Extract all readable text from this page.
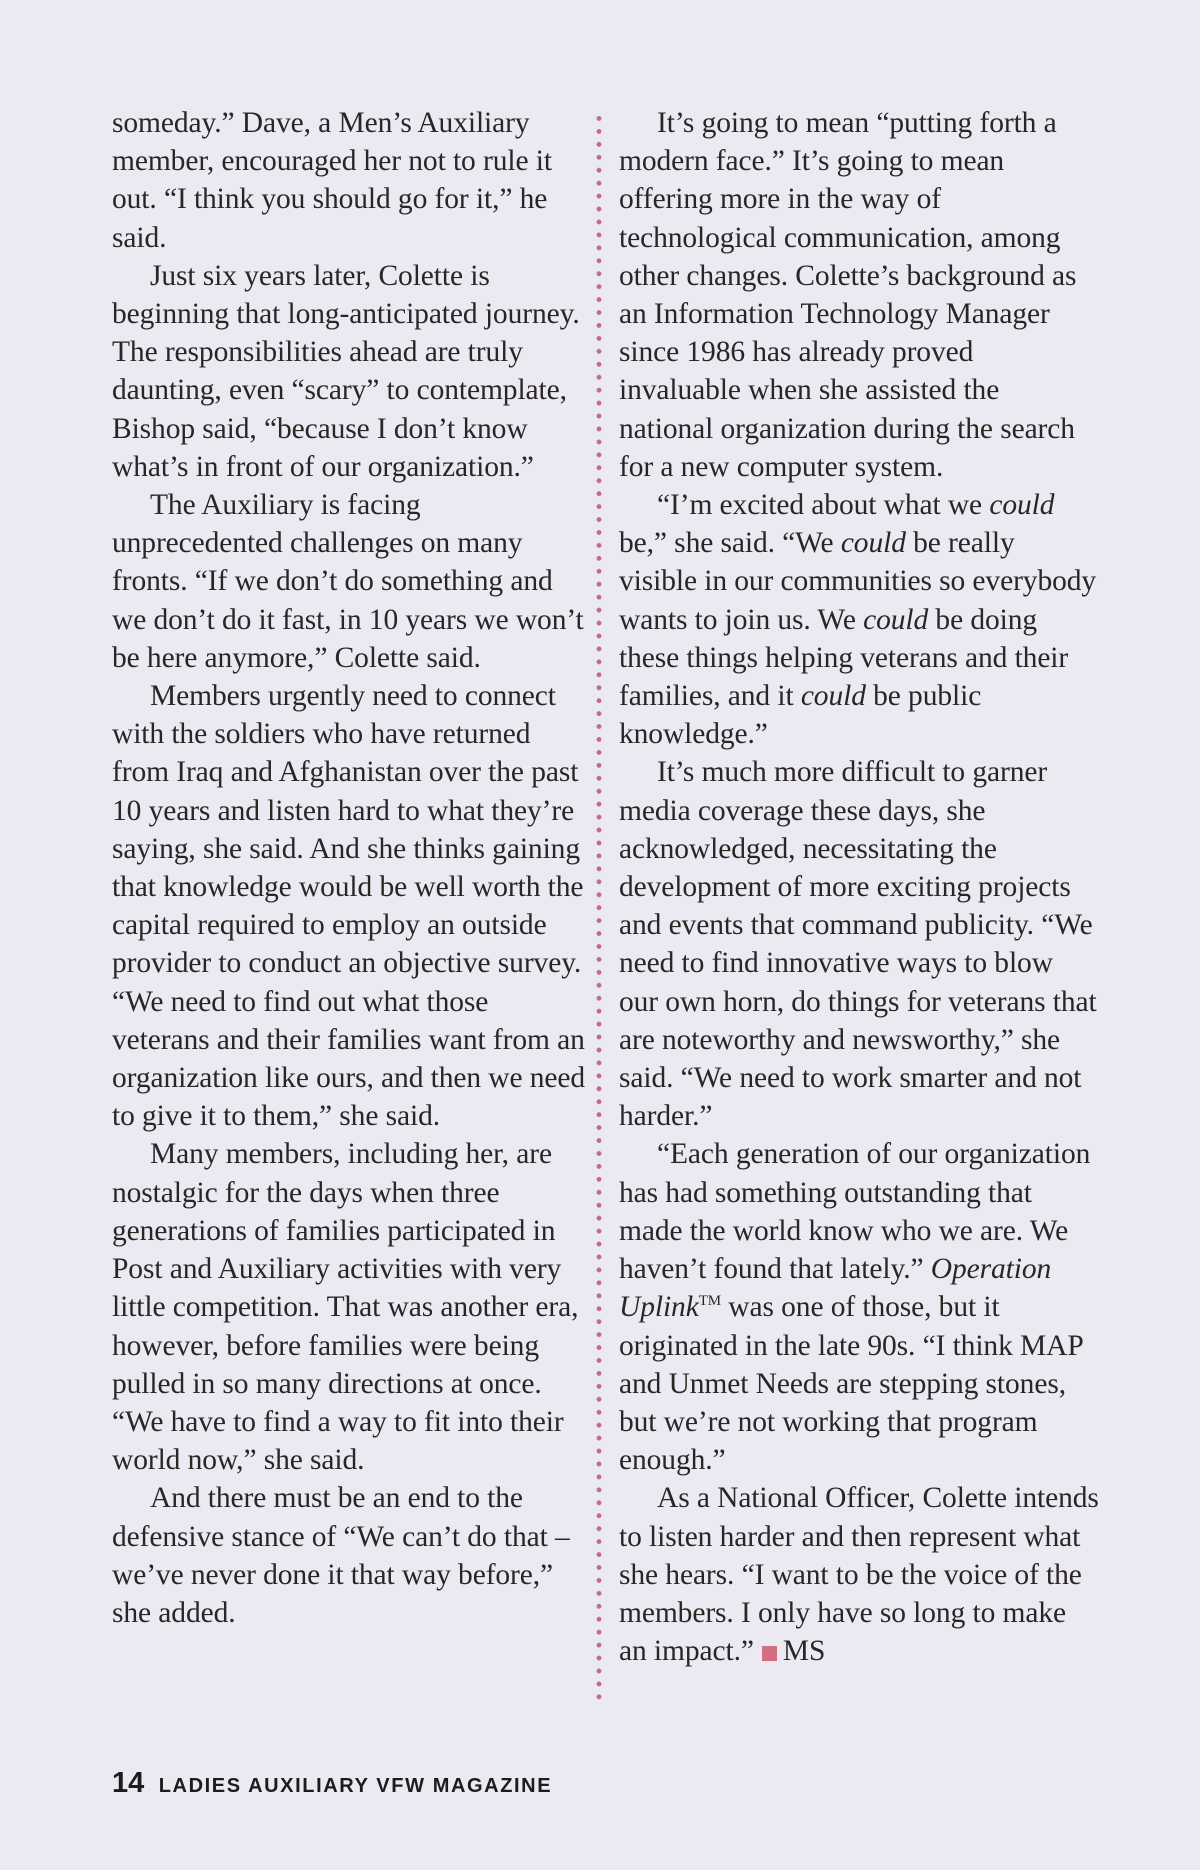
someday.” Dave, a Men’s Auxiliary member, encouraged her not to rule it out. “I think you should go for it,” he said.

Just six years later, Colette is beginning that long-anticipated journey. The responsibilities ahead are truly daunting, even “scary” to contemplate, Bishop said, “because I don’t know what’s in front of our organization.”

The Auxiliary is facing unprecedented challenges on many fronts. “If we don’t do something and we don’t do it fast, in 10 years we won’t be here anymore,” Colette said.

Members urgently need to connect with the soldiers who have returned from Iraq and Afghanistan over the past 10 years and listen hard to what they’re saying, she said. And she thinks gaining that knowledge would be well worth the capital required to employ an outside provider to conduct an objective survey. “We need to find out what those veterans and their families want from an organization like ours, and then we need to give it to them,” she said.

Many members, including her, are nostalgic for the days when three generations of families participated in Post and Auxiliary activities with very little competition. That was another era, however, before families were being pulled in so many directions at once. “We have to find a way to fit into their world now,” she said.

And there must be an end to the defensive stance of “We can’t do that – we’ve never done it that way before,” she added.

It’s going to mean “putting forth a modern face.” It’s going to mean offering more in the way of technological communication, among other changes. Colette’s background as an Information Technology Manager since 1986 has already proved invaluable when she assisted the national organization during the search for a new computer system.

“I’m excited about what we could be,” she said. “We could be really visible in our communities so everybody wants to join us. We could be doing these things helping veterans and their families, and it could be public knowledge.”

It’s much more difficult to garner media coverage these days, she acknowledged, necessitating the development of more exciting projects and events that command publicity. “We need to find innovative ways to blow our own horn, do things for veterans that are noteworthy and newsworthy,” she said. “We need to work smarter and not harder.”

“Each generation of our organization has had something outstanding that made the world know who we are. We haven’t found that lately.” Operation Uplink™ was one of those, but it originated in the late 90s. “I think MAP and Unmet Needs are stepping stones, but we’re not working that program enough.”

As a National Officer, Colette intends to listen harder and then represent what she hears. “I want to be the voice of the members. I only have so long to make an impact.” MS

14 LADIES AUXILIARY VFW MAGAZINE
